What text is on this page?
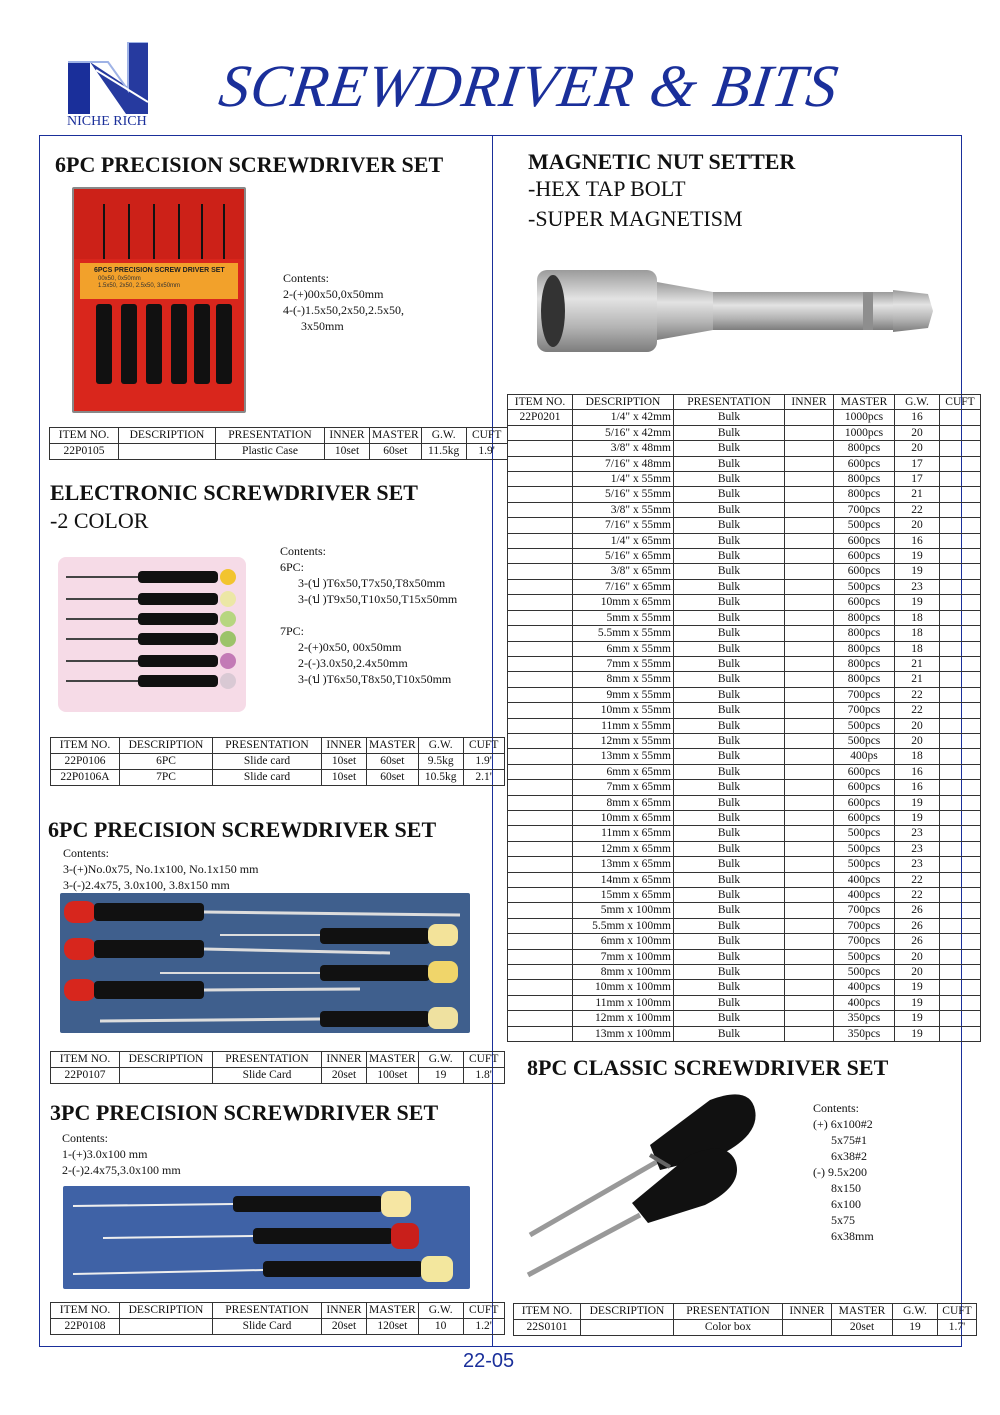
NICHE RICH
SCREWDRIVER & BITS
6PC PRECISION SCREWDRIVER SET
6PCS PRECISION SCREW DRIVER SET
00x50, 0x50mm
1.5x50, 2x50, 2.5x50, 3x50mm
Contents:
2-(+)00x50,0x50mm
4-(-)1.5x50,2x50,2.5x50,
3x50mm
ITEM NO.	DESCRIPTION	PRESENTATION	INNER	MASTER	G.W.	CUFT
22P0105		Plastic Case	10set	60set	11.5kg	1.9'
ELECTRONIC SCREWDRIVER SET
-2 COLOR
Contents:
6PC:
3-(ป )T6x50,T7x50,T8x50mm
3-(ป )T9x50,T10x50,T15x50mm

7PC:
2-(+)0x50, 00x50mm
2-(-)3.0x50,2.4x50mm
3-(ป )T6x50,T8x50,T10x50mm
ITEM NO.	DESCRIPTION	PRESENTATION	INNER	MASTER	G.W.	CUFT
22P0106	6PC	Slide card	10set	60set	9.5kg	1.9'
22P0106A	7PC	Slide card	10set	60set	10.5kg	2.1'
6PC PRECISION SCREWDRIVER SET
Contents:
3-(+)No.0x75, No.1x100, No.1x150 mm
3-(-)2.4x75, 3.0x100, 3.8x150 mm
ITEM NO.	DESCRIPTION	PRESENTATION	INNER	MASTER	G.W.	CUFT
22P0107		Slide Card	20set	100set	19	1.8'
3PC PRECISION SCREWDRIVER SET
Contents:
1-(+)3.0x100 mm
2-(-)2.4x75,3.0x100 mm
ITEM NO.	DESCRIPTION	PRESENTATION	INNER	MASTER	G.W.	CUFT
22P0108		Slide Card	20set	120set	10	1.2'
MAGNETIC NUT SETTER
-HEX TAP BOLT
-SUPER MAGNETISM
ITEM NO.	DESCRIPTION	PRESENTATION	INNER	MASTER	G.W.	CUFT
22P0201	1/4" x 42mm	Bulk		1000pcs	16	
	5/16" x 42mm	Bulk		1000pcs	20	
	3/8" x 48mm	Bulk		800pcs	20	
	7/16" x 48mm	Bulk		600pcs	17	
	1/4" x 55mm	Bulk		800pcs	17	
	5/16" x 55mm	Bulk		800pcs	21	
	3/8" x 55mm	Bulk		700pcs	22	
	7/16" x 55mm	Bulk		500pcs	20	
	1/4" x 65mm	Bulk		600pcs	16	
	5/16" x 65mm	Bulk		600pcs	19	
	3/8" x 65mm	Bulk		600pcs	19	
	7/16" x 65mm	Bulk		500pcs	23	
	10mm x 65mm	Bulk		600pcs	19	
	5mm x 55mm	Bulk		800pcs	18	
	5.5mm x 55mm	Bulk		800pcs	18	
	6mm x 55mm	Bulk		800pcs	18	
	7mm x 55mm	Bulk		800pcs	21	
	8mm x 55mm	Bulk		800pcs	21	
	9mm x 55mm	Bulk		700pcs	22	
	10mm x 55mm	Bulk		700pcs	22	
	11mm x 55mm	Bulk		500pcs	20	
	12mm x 55mm	Bulk		500pcs	20	
	13mm x 55mm	Bulk		400ps	18	
	6mm x 65mm	Bulk		600pcs	16	
	7mm x 65mm	Bulk		600pcs	16	
	8mm x 65mm	Bulk		600pcs	19	
	10mm x 65mm	Bulk		600pcs	19	
	11mm x 65mm	Bulk		500pcs	23	
	12mm x 65mm	Bulk		500pcs	23	
	13mm x 65mm	Bulk		500pcs	23	
	14mm x 65mm	Bulk		400pcs	22	
	15mm x 65mm	Bulk		400pcs	22	
	5mm x 100mm	Bulk		700pcs	26	
	5.5mm x 100mm	Bulk		700pcs	26	
	6mm x 100mm	Bulk		700pcs	26	
	7mm x 100mm	Bulk		500pcs	20	
	8mm x 100mm	Bulk		500pcs	20	
	10mm x 100mm	Bulk		400pcs	19	
	11mm x 100mm	Bulk		400pcs	19	
	12mm x 100mm	Bulk		350pcs	19	
	13mm x 100mm	Bulk		350pcs	19	
8PC CLASSIC SCREWDRIVER SET
Contents:
(+) 6x100#2
5x75#1
6x38#2
(-) 9.5x200
8x150
6x100
5x75
6x38mm
ITEM NO.	DESCRIPTION	PRESENTATION	INNER	MASTER	G.W.	CUFT
22S0101		Color box		20set	19	1.7'
22-05
